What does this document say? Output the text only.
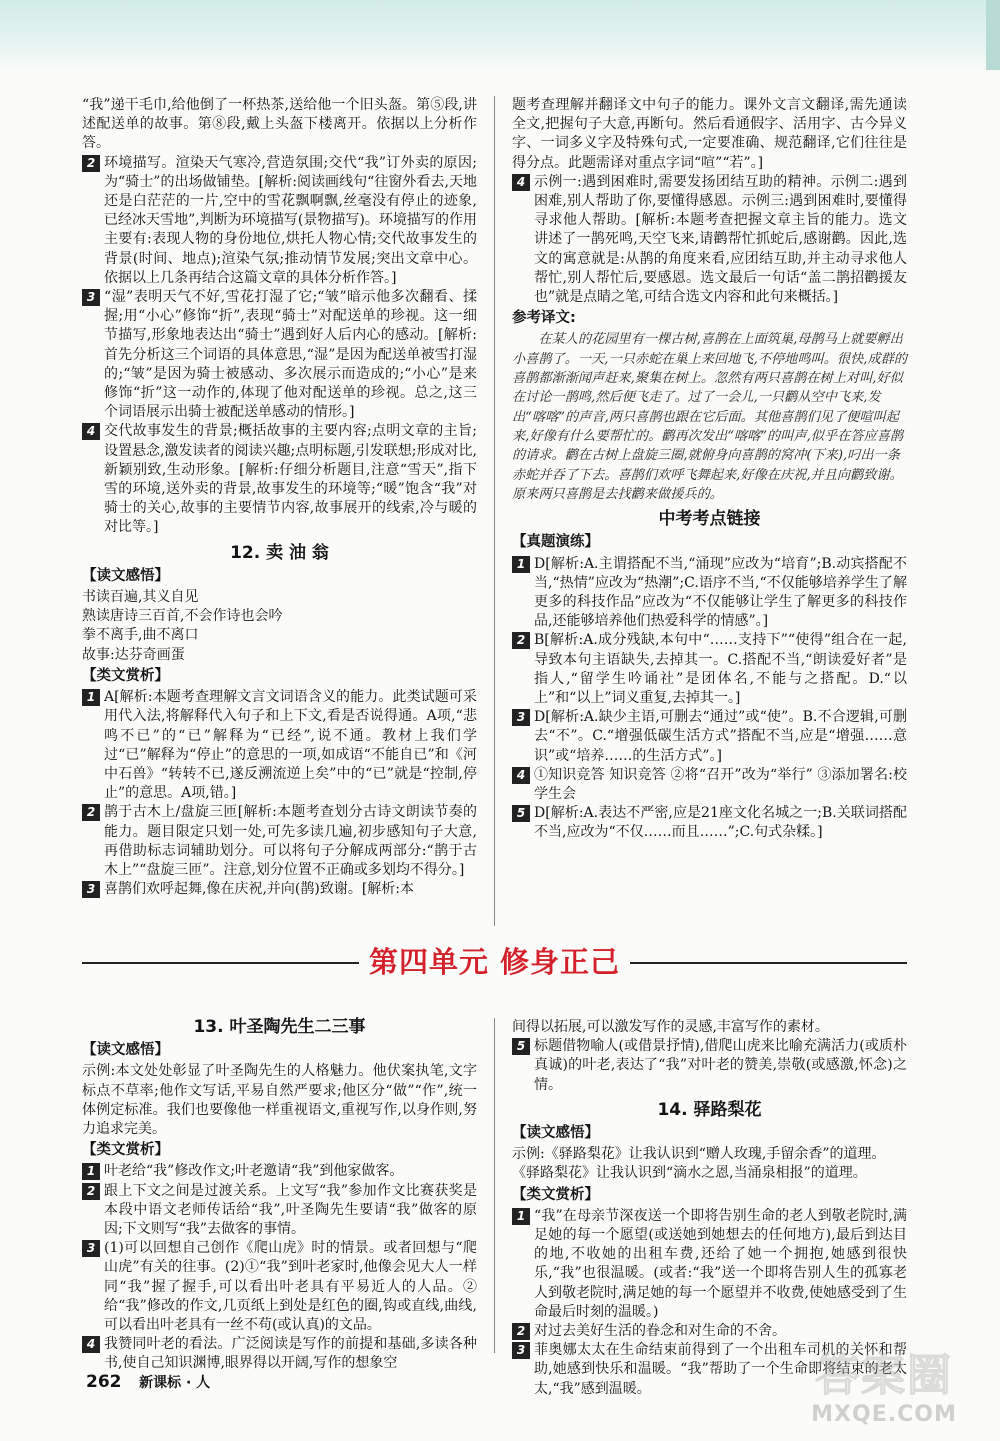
“我”递干毛巾,给他倒了一杯热茶,送给他一个旧头盔。第⑤段,讲述配送单的故事。第⑧段,戴上头盔下楼离开。依据以上分析作答。

2 环境描写。渲染天气寒冷,营造氛围;交代“我”订外卖的原因;为“骑士”的出场做铺垫。[解析:阅读画线句“往窗外看去,天地还是白茫茫的一片,空中的雪花飘啊飘,丝毫没有停止的迹象,已经冰天雪地”,判断为环境描写(景物描写)。环境描写的作用主要有:表现人物的身份地位,烘托人物心情;交代故事发生的背景(时间、地点);渲染气氛;推动情节发展;突出文章中心。依据以上几条再结合这篇文章的具体分析作答。]
3 “湿”表明天气不好,雪花打湿了它;“皱”暗示他多次翻看、揉握;用“小心”修饰“折”,表现“骑士”对配送单的珍视。这一细节描写,形象地表达出“骑士”遇到好人后内心的感动。[解析:首先分析这三个词语的具体意思,“湿”是因为配送单被雪打湿的;“皱”是因为骑士被感动、多次展示而造成的;“小心”是来修饰“折”这一动作的,体现了他对配送单的珍视。总之,这三个词语展示出骑士被配送单感动的情形。]
4 交代故事发生的背景;概括故事的主要内容;点明文章的主旨;设置悬念,激发读者的阅读兴趣;点明标题,引发联想;形成对比,新颖别致,生动形象。[解析:仔细分析题目,注意“雪天”,指下雪的环境,送外卖的背景,故事发生的环境等;“暖”饱含“我”对骑士的关心,故事的主要情节内容,故事展开的线索,冷与暖的对比等。]
12. 卖 油 翁
【读文感悟】

书读百遍,其义自见

熟读唐诗三百首,不会作诗也会吟

拳不离手,曲不离口

故事:达芬奇画蛋

【类文赏析】
1 A[解析:本题考查理解文言文词语含义的能力。此类试题可采用代入法,将解释代入句子和上下文,看是否说得通。A项,“悲鸣不已”的“已”解释为“已经”,说不通。教材上我们学过“已”解释为“停止”的意思的一项,如成语“不能自已”和《河中石兽》“转转不已,遂反溯流逆上矣”中的“已”就是“控制,停止”的意思。A项,错。]
2 鹊于古木上/盘旋三匝[解析:本题考查划分古诗文朗读节奏的能力。题目限定只划一处,可先多读几遍,初步感知句子大意,再借助标志词辅助划分。可以将句子分解成两部分:“鹊于古木上”“盘旋三匝”。注意,划分位置不正确或多划均不得分。]
3 喜鹊们欢呼起舞,像在庆祝,并向(鹊)致谢。[解析:本

题考查理解并翻译文中句子的能力。课外文言文翻译,需先通读全文,把握句子大意,再断句。然后看通假字、活用字、古今异义字、一词多义字及特殊句式,一定要准确、规范翻译,它们往往是得分点。此题需译对重点字词“喧”“若”。]

4 示例一:遇到困难时,需要发扬团结互助的精神。示例二:遇到困难,别人帮助了你,要懂得感恩。示例三:遇到困难时,要懂得寻求他人帮助。[解析:本题考查把握文章主旨的能力。选文讲述了一鹊死鸣,天空飞来,请鹳帮忙抓蛇后,感谢鹳。因此,选文的寓意就是:从鹊的角度来看,应团结互助,并主动寻求他人帮忙,别人帮忙后,要感恩。选文最后一句话“盖二鹊招鹳援友也”就是点睛之笔,可结合选文内容和此句来概括。]
参考译文:

在某人的花园里有一棵古树,喜鹊在上面筑巢,母鹊马上就要孵出小喜鹊了。一天,一只赤蛇在巢上来回地飞,不停地鸣叫。很快,成群的喜鹊都渐渐闻声赶来,聚集在树上。忽然有两只喜鹊在树上对叫,好似在讨论一鹊鸣,然后便飞走了。过了一会儿,一只鹳从空中飞来,发出“喀喀”的声音,两只喜鹊也跟在它后面。其他喜鹊们见了便喧叫起来,好像有什么要帮忙的。鹳再次发出“喀喀”的叫声,似乎在答应喜鹊的请求。鹳在古树上盘旋三圈,就俯身向喜鹊的窝冲(下来),叼出一条赤蛇并吞了下去。喜鹊们欢呼飞舞起来,好像在庆祝,并且向鹳致谢。原来两只喜鹊是去找鹳来做援兵的。

中考考点链接
【真题演练】
1 D[解析:A.主谓搭配不当,“涌现”应改为“培育”;B.动宾搭配不当,“热情”应改为“热潮”;C.语序不当,“不仅能够培养学生了解更多的科技作品”应改为“不仅能够让学生了解更多的科技作品,还能够培养他们热爱科学的情感”。]
2 B[解析:A.成分残缺,本句中“……支持下”“使得”组合在一起,导致本句主语缺失,去掉其一。C.搭配不当,“朗读爱好者”是指人,“留学生吟诵社”是团体名,不能与之搭配。D.“以上”和“以上”词义重复,去掉其一。]
3 D[解析:A.缺少主语,可删去“通过”或“使”。B.不合逻辑,可删去“不”。C.“增强低碳生活方式”搭配不当,应是“增强……意识”或“培养……的生活方式”。]
4 ①知识竞答 知识竞答 ②将“召开”改为“举行” ③添加署名:校学生会
5 D[解析:A.表达不严密,应是21座文化名城之一;B.关联词搭配不当,应改为“不仅……而且……”;C.句式杂糅。]
第四单元 修身正己
13. 叶圣陶先生二三事
【读文感悟】

示例:本文处处彰显了叶圣陶先生的人格魅力。他伏案执笔,文字标点不草率;他作文写话,平易自然严要求;他区分“做”“作”,统一体例定标准。我们也要像他一样重视语文,重视写作,以身作则,努力追求完美。

【类文赏析】
1 叶老给“我”修改作文;叶老邀请“我”到他家做客。
2 跟上下文之间是过渡关系。上文写“我”参加作文比赛获奖是本段中语文老师传话给“我”,叶圣陶先生要请“我”做客的原因;下文则写“我”去做客的事情。
3 (1)可以回想自己创作《爬山虎》时的情景。或者回想与“爬山虎”有关的往事。(2)①“我”到叶老家时,他像会见大人一样同“我”握了握手,可以看出叶老具有平易近人的人品。②给“我”修改的作文,几页纸上到处是红色的圈,钩或直线,曲线,可以看出叶老具有一丝不苟(或认真)的文品。
4 我赞同叶老的看法。广泛阅读是写作的前提和基础,多读各种书,使自己知识渊博,眼界得以开阔,写作的想象空

间得以拓展,可以激发写作的灵感,丰富写作的素材。

5 标题借物喻人(或借景抒情),借爬山虎来比喻充满活力(或质朴真诚)的叶老,表达了“我”对叶老的赞美,崇敬(或感激,怀念)之情。
14. 驿路梨花
【读文感悟】

示例:《驿路梨花》让我认识到“赠人玫瑰,手留余香”的道理。

《驿路梨花》让我认识到“滴水之恩,当涌泉相报”的道理。

【类文赏析】
1 “我”在母亲节深夜送一个即将告别生命的老人到敬老院时,满足她的每一个愿望(或送她到她想去的任何地方),最后到达目的地,不收她的出租车费,还给了她一个拥抱,她感到很快乐,“我”也很温暖。(或者:“我”送一个即将告别人生的孤寡老人到敬老院时,满足她的每一个愿望并不收费,使她感受到了生命最后时刻的温暖。)
2 对过去美好生活的眷念和对生命的不舍。
3 菲奥娜太太在生命结束前得到了一个出租车司机的关怀和帮助,她感到快乐和温暖。“我”帮助了一个生命即将结束的老太太,“我”感到温暖。
262 新课标 · 人	答案圈
MXQE.COM
